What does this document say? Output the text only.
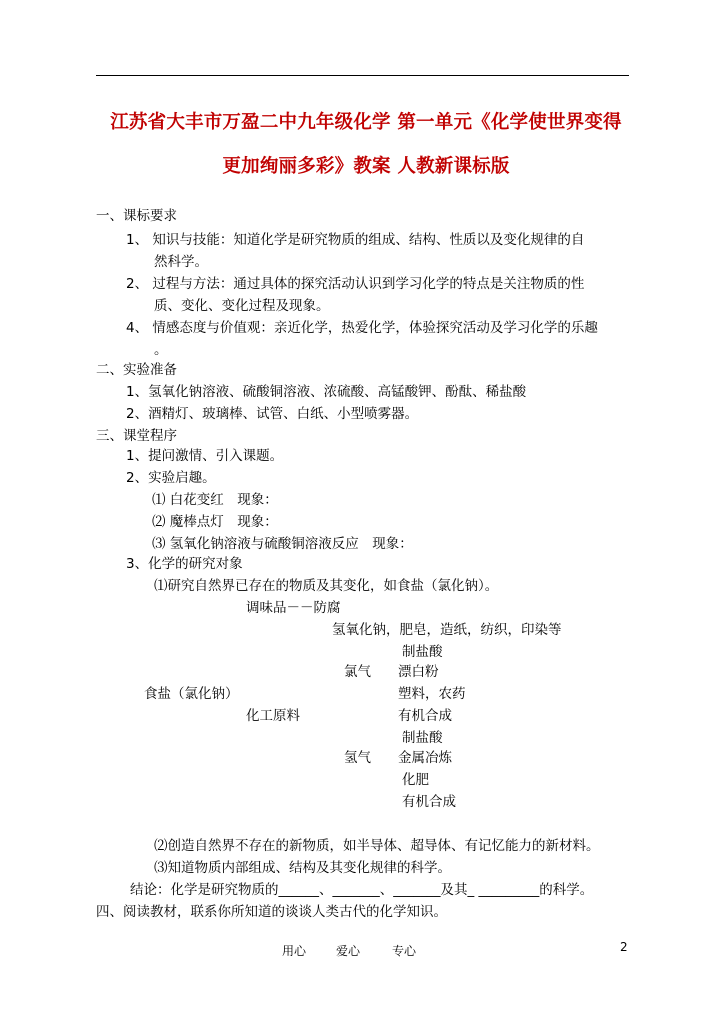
江苏省大丰市万盈二中九年级化学 第一单元《化学使世界变得
更加绚丽多彩》教案 人教新课标版
一、课标要求
1、 知识与技能：知道化学是研究物质的组成、结构、性质以及变化规律的自
然科学。
2、 过程与方法：通过具体的探究活动认识到学习化学的特点是关注物质的性
质、变化、变化过程及现象。
4、 情感态度与价值观：亲近化学，热爱化学，体验探究活动及学习化学的乐趣
。
二、实验准备
1、氢氧化钠溶液、硫酸铜溶液、浓硫酸、高锰酸钾、酚酞、稀盐酸
2、酒精灯、玻璃棒、试管、白纸、小型喷雾器。
三、课堂程序
1、提问激情、引入课题。
2、实验启趣。
⑴ 白花变红　现象：
⑵ 魔棒点灯　现象：
⑶ 氢氧化钠溶液与硫酸铜溶液反应　现象：
3、化学的研究对象
⑴研究自然界已存在的物质及其变化，如食盐（氯化钠）。
调味品－－防腐
氢氧化钠，肥皂，造纸，纺织，印染等
制盐酸
氯气 漂白粉
食盐（氯化钠）	塑料，农药
化工原料	有机合成
制盐酸
氢气 金属冶炼
化肥
有机合成
⑵创造自然界不存在的新物质，如半导体、超导体、有记忆能力的新材料。
⑶知道物质内部组成、结构及其变化规律的科学。
结论：化学是研究物质的______、_______、_______及其_ _________的科学。
四、阅读教材，联系你所知道的谈谈人类古代的化学知识。
用心 爱心	专心	2
